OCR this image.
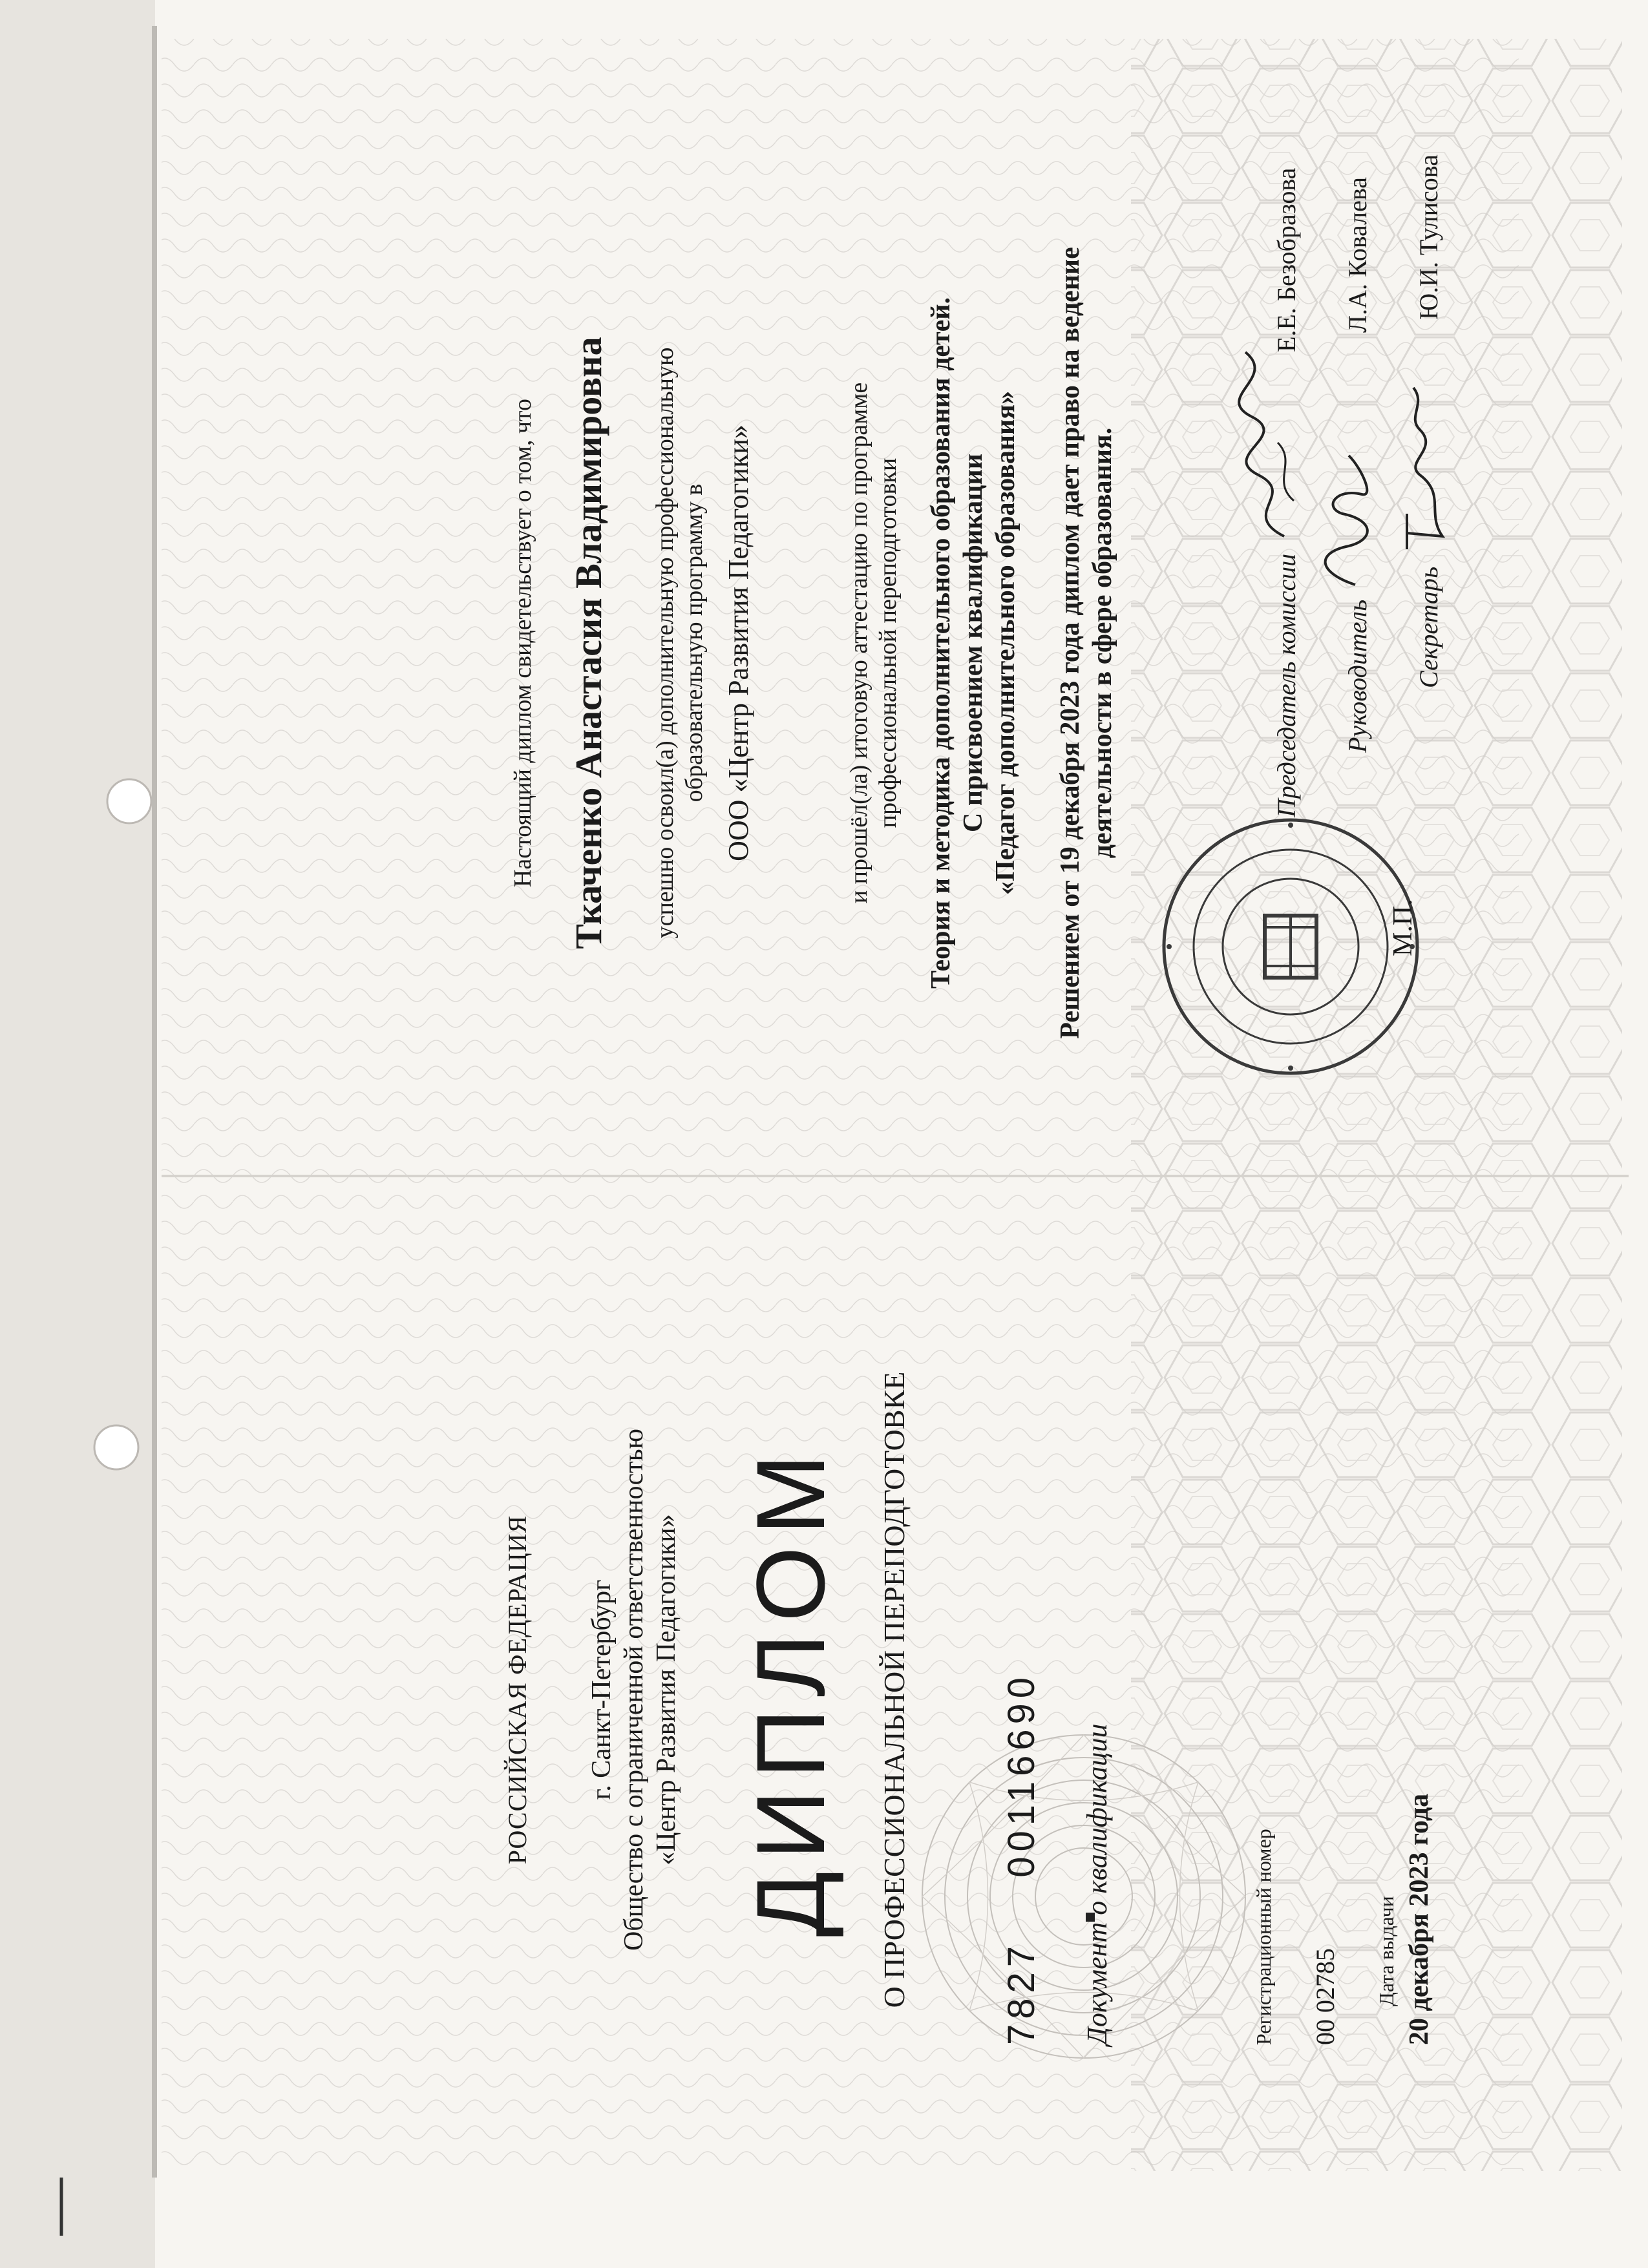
РОССИЙСКАЯ ФЕДЕРАЦИЯ г. Санкт-Петербург Общество с ограниченной ответственностью «Центр Развития Педагогики» ДИПЛОМ О ПРОФЕССИОНАЛЬНОЙ ПЕРЕПОДГОТОВКЕ 7827  00116690 Документ о квалификации	Регистрационный номер 00 02785 Дата выдачи 20 декабря 2023 года
Настоящий диплом свидетельствует о том, что Ткаченко Анастасия Владимировна успешно освоил(а) дополнительную профессиональную образовательную программу в ООО «Центр Развития Педагогики»	и прошёл(ла) итоговую аттестацию по программе профессиональной переподготовки Теория и методика дополнительного образования детей. С присвоением квалификации «Педагог дополнительного образования» Решением от 19 декабря 2023 года диплом дает право на ведение деятельности в сфере образования.
М.П.
Председатель комиссии
Е.Е. Безобразова
Руководитель
Л.А. Ковалева
Секретарь
Ю.И. Тулисова
